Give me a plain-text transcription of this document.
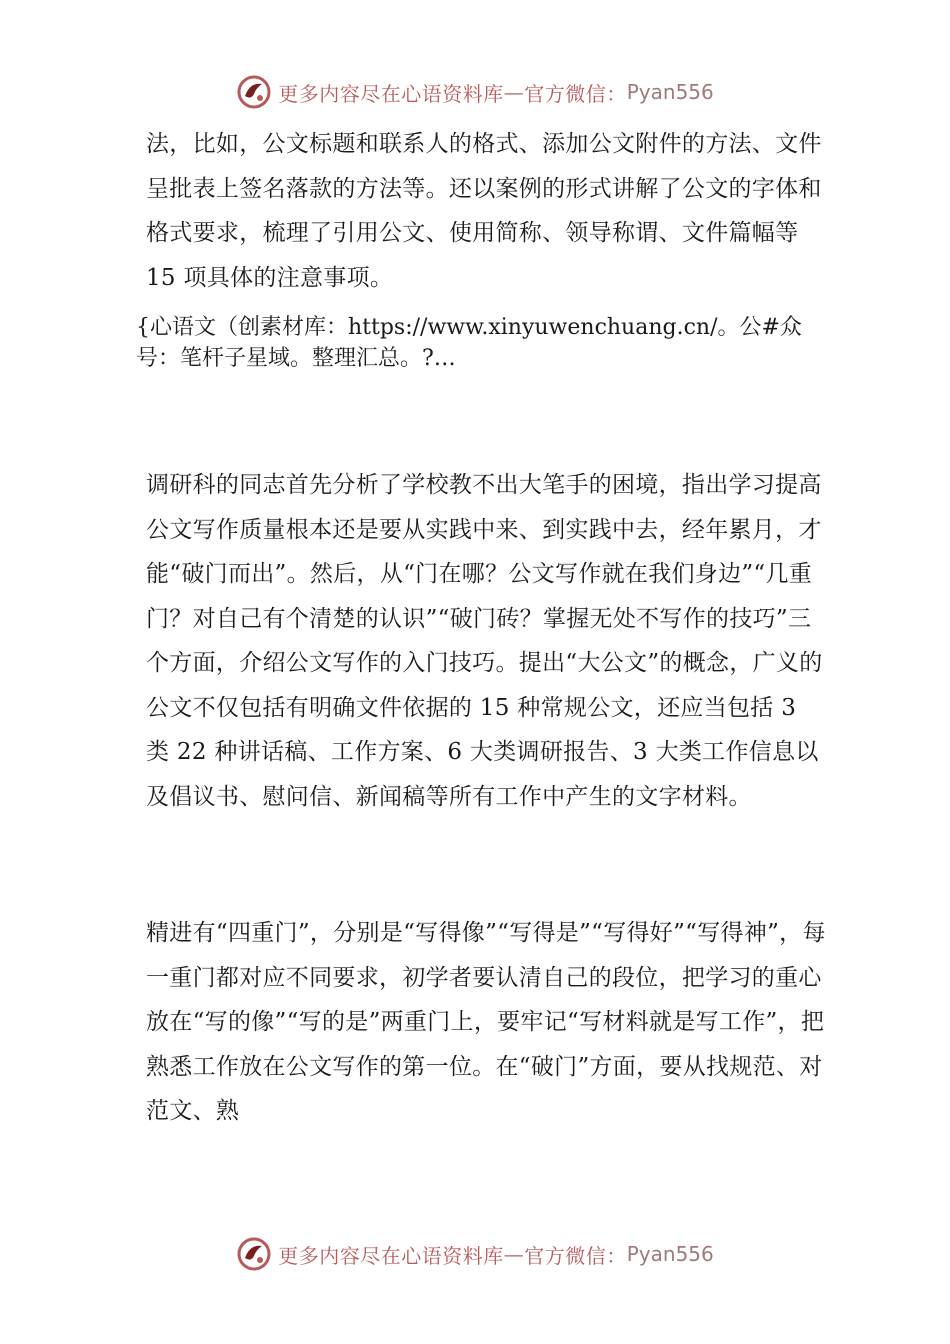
更多内容尽在心语资料库 — 官方微信： Pyan556

法，比如，公文标题和联系人的格式、添加公文附件的方法、文件呈批表上签名落款的方法等。还以案例的形式讲解了公文的字体和格式要求，梳理了引用公文、使用简称、领导称谓、文件篇幅等 15 项具体的注意事项。

{心语文（创素材库：https://www.xinyuwenchuang.cn/。公#众号：笔杆子星域。整理汇总。?…

调研科的同志首先分析了学校教不出大笔手的困境，指出学习提高公文写作质量根本还是要从实践中来、到实践中去，经年累月，才能“破门而出”。然后，从“门在哪？公文写作就在我们身边”“几重门？对自己有个清楚的认识”“破门砖？掌握无处不写作的技巧”三个方面，介绍公文写作的入门技巧。提出“大公文”的概念，广义的公文不仅包括有明确文件依据的 15 种常规公文，还应当包括 3 类 22 种讲话稿、工作方案、6 大类调研报告、3 大类工作信息以及倡议书、慰问信、新闻稿等所有工作中产生的文字材料。

精进有“四重门”，分别是“写得像”“写得是”“写得好”“写得神”，每一重门都对应不同要求，初学者要认清自己的段位，把学习的重心放在“写的像”“写的是”两重门上，要牢记“写材料就是写工作”，把熟悉工作放在公文写作的第一位。在“破门”方面，要从找规范、对范文、熟

更多内容尽在心语资料库 — 官方微信： Pyan556
